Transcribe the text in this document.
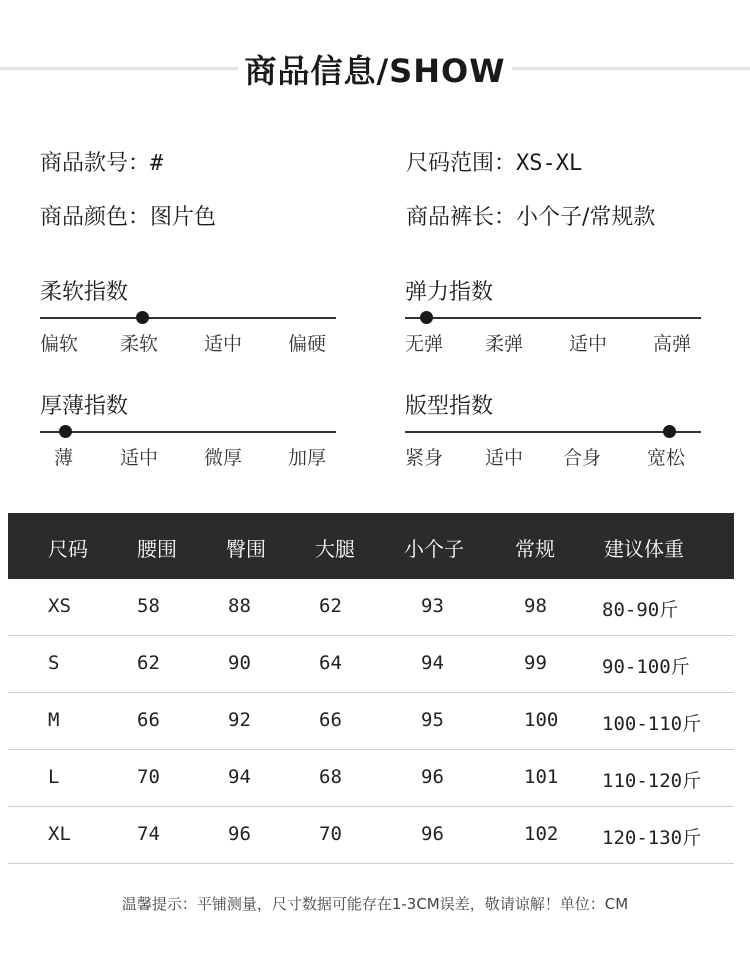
商品信息/SHOW
商品款号：#	尺码范围：XS-XL
商品颜色：图片色	商品裤长：小个子/常规款
柔软指数
偏软 柔软 适中 偏硬
弹力指数
无弹 柔弹 适中 高弹
厚薄指数
薄 适中 微厚 加厚
版型指数
紧身 适中 合身 宽松
尺码 腰围 臀围 大腿 小个子	常规 建议体重
XS	58	88	62	93	98	80-90斤
S	62	90	64	94	99	90-100斤
M	66	92	66	95	100 100-110斤
L	70	94	68	96	101 110-120斤
XL	74	96	70	96	102 120-130斤
温馨提示：平铺测量，尺寸数据可能存在1-3CM误差，敬请谅解！单位：CM
